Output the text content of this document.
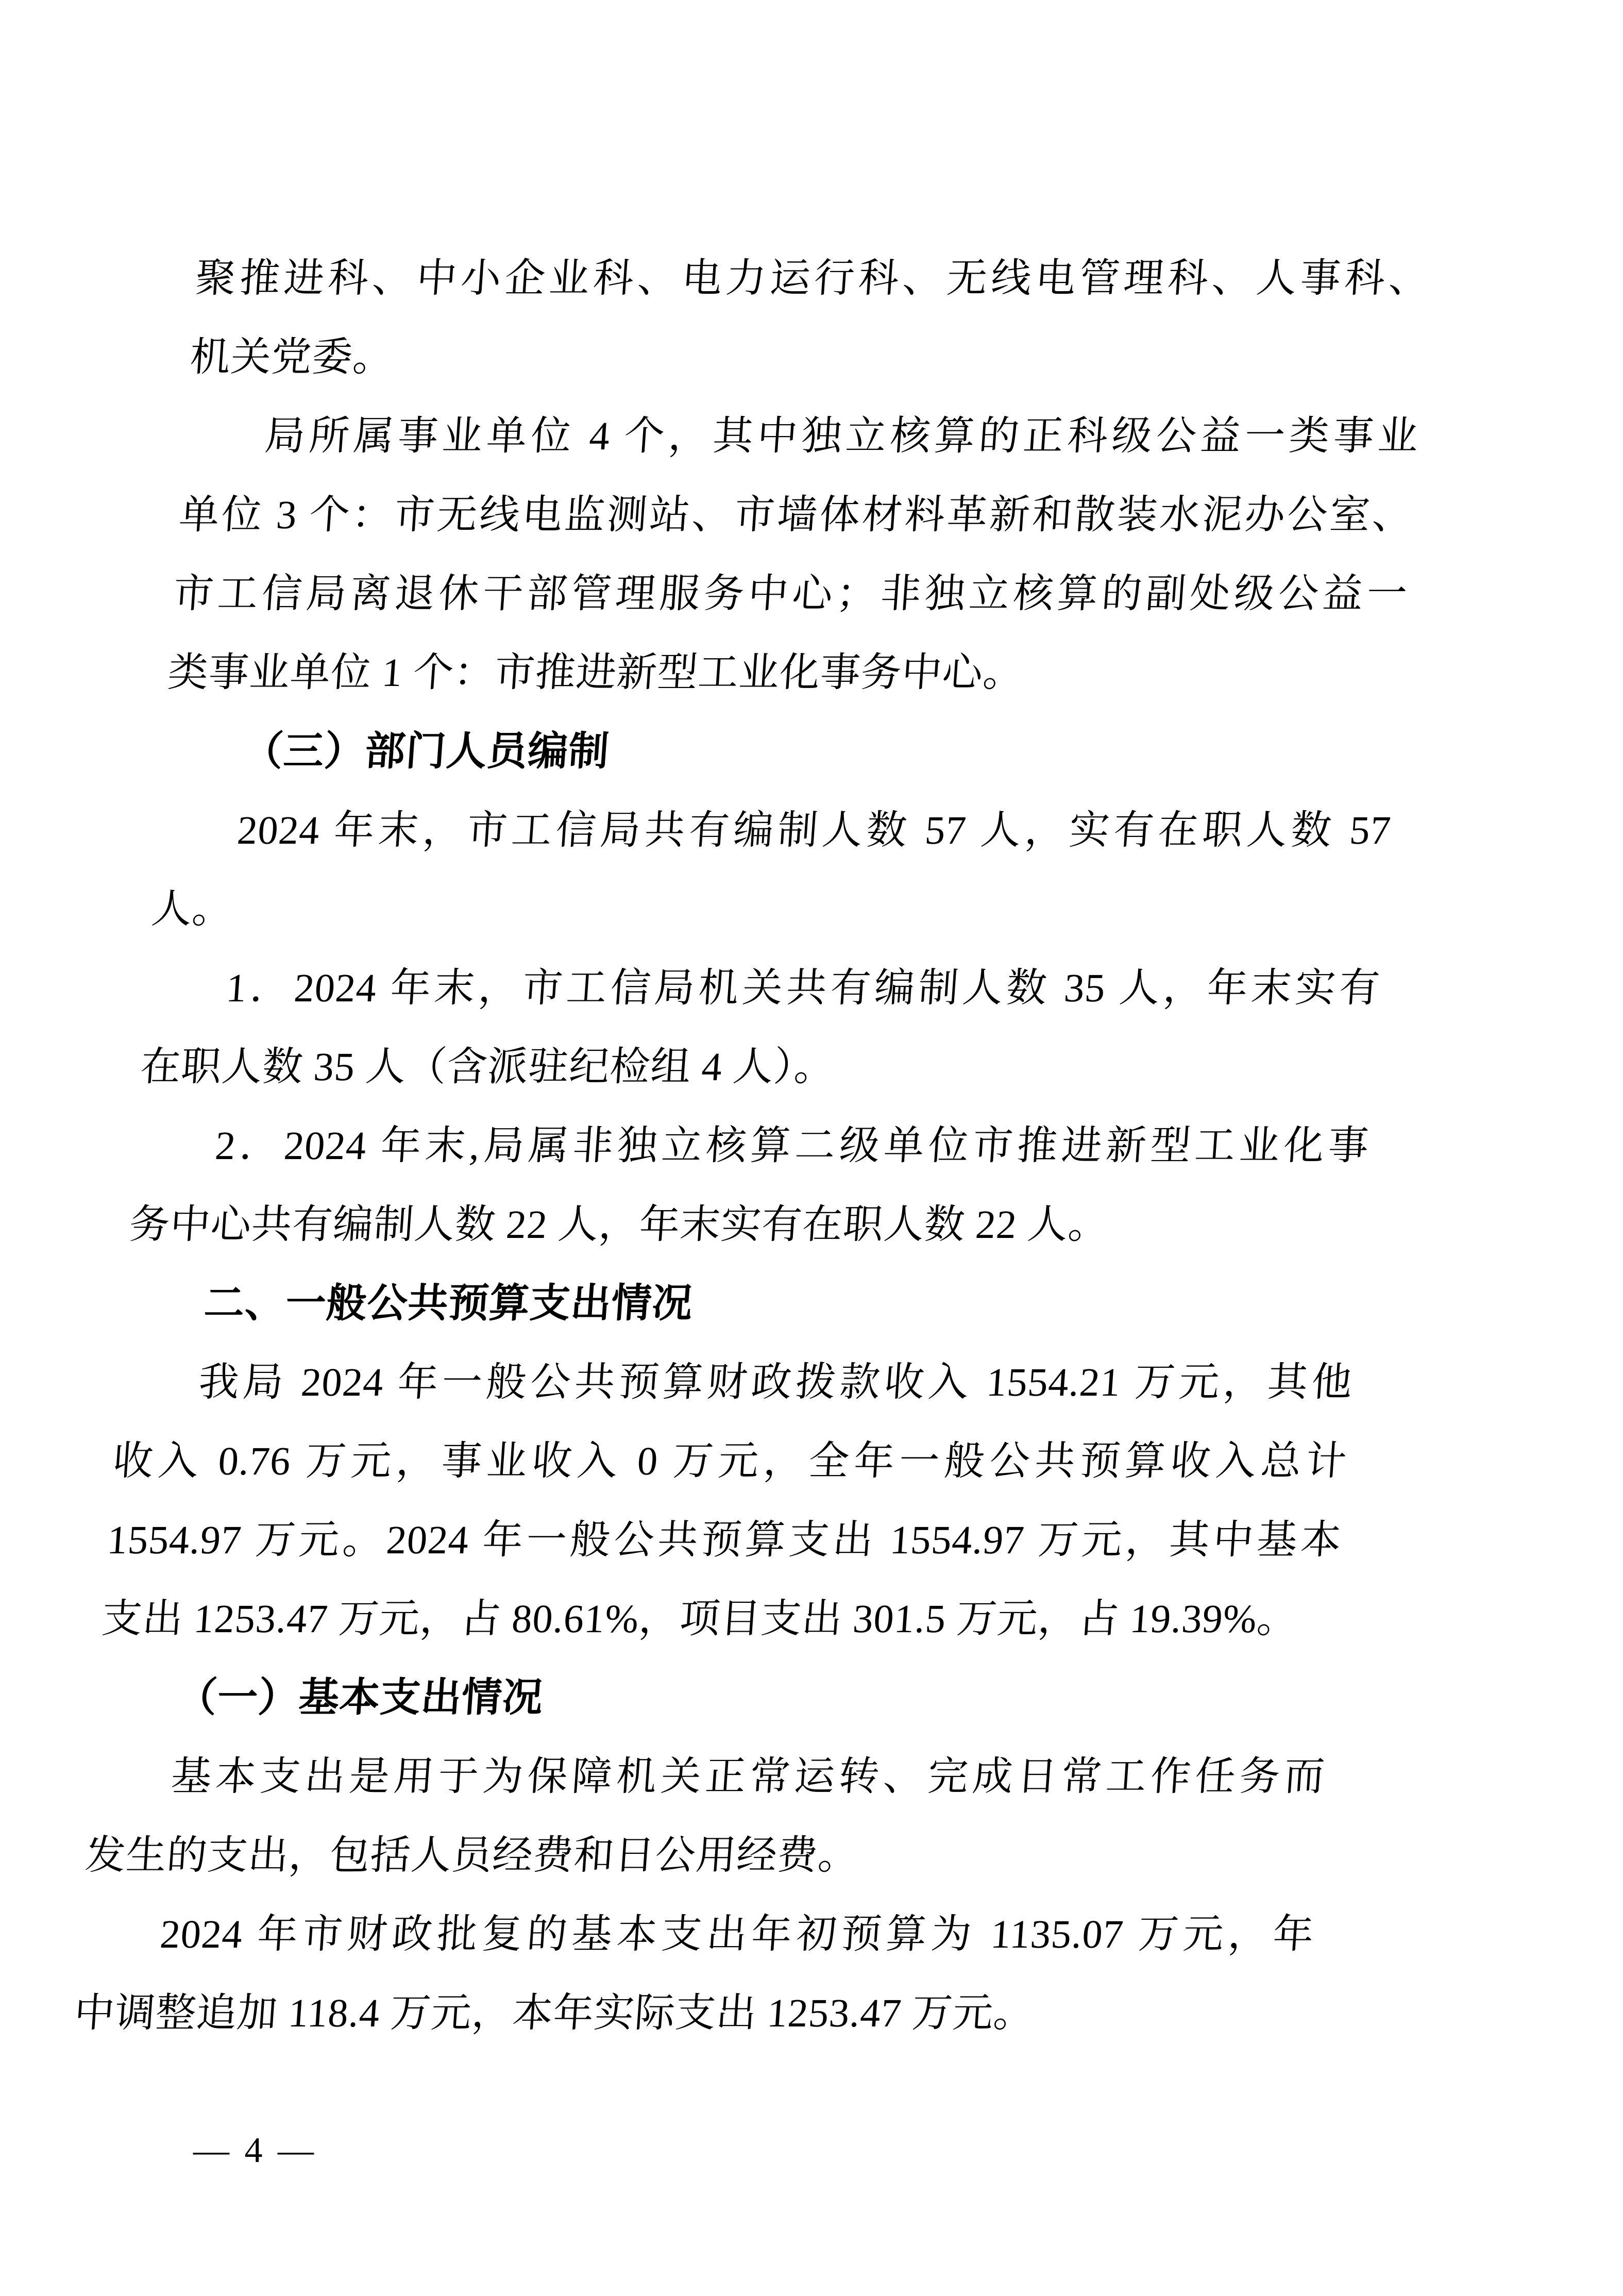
聚推进科、中小企业科、电力运行科、无线电管理科、人事科、
机关党委。
局所属事业单位 4 个，其中独立核算的正科级公益一类事业
单位 3 个：市无线电监测站、市墙体材料革新和散装水泥办公室、
市工信局离退休干部管理服务中心；非独立核算的副处级公益一
类事业单位 1 个：市推进新型工业化事务中心。
（三）部门人员编制
2024 年末，市工信局共有编制人数 57 人，实有在职人数 57
人。
1．2024 年末，市工信局机关共有编制人数 35 人，年末实有
在职人数 35 人（含派驻纪检组 4 人）。
2．2024 年末,局属非独立核算二级单位市推进新型工业化事
务中心共有编制人数 22 人，年末实有在职人数 22 人。
二、一般公共预算支出情况
我局 2024 年一般公共预算财政拨款收入 1554.21 万元，其他
收入 0.76 万元，事业收入 0 万元，全年一般公共预算收入总计
1554.97 万元。2024 年一般公共预算支出 1554.97 万元，其中基本
支出 1253.47 万元，占 80.61%，项目支出 301.5 万元，占 19.39%。
（一）基本支出情况
基本支出是用于为保障机关正常运转、完成日常工作任务而
发生的支出，包括人员经费和日公用经费。
2024 年市财政批复的基本支出年初预算为 1135.07 万元，年
中调整追加 118.4 万元，本年实际支出 1253.47 万元。
— 4 —
